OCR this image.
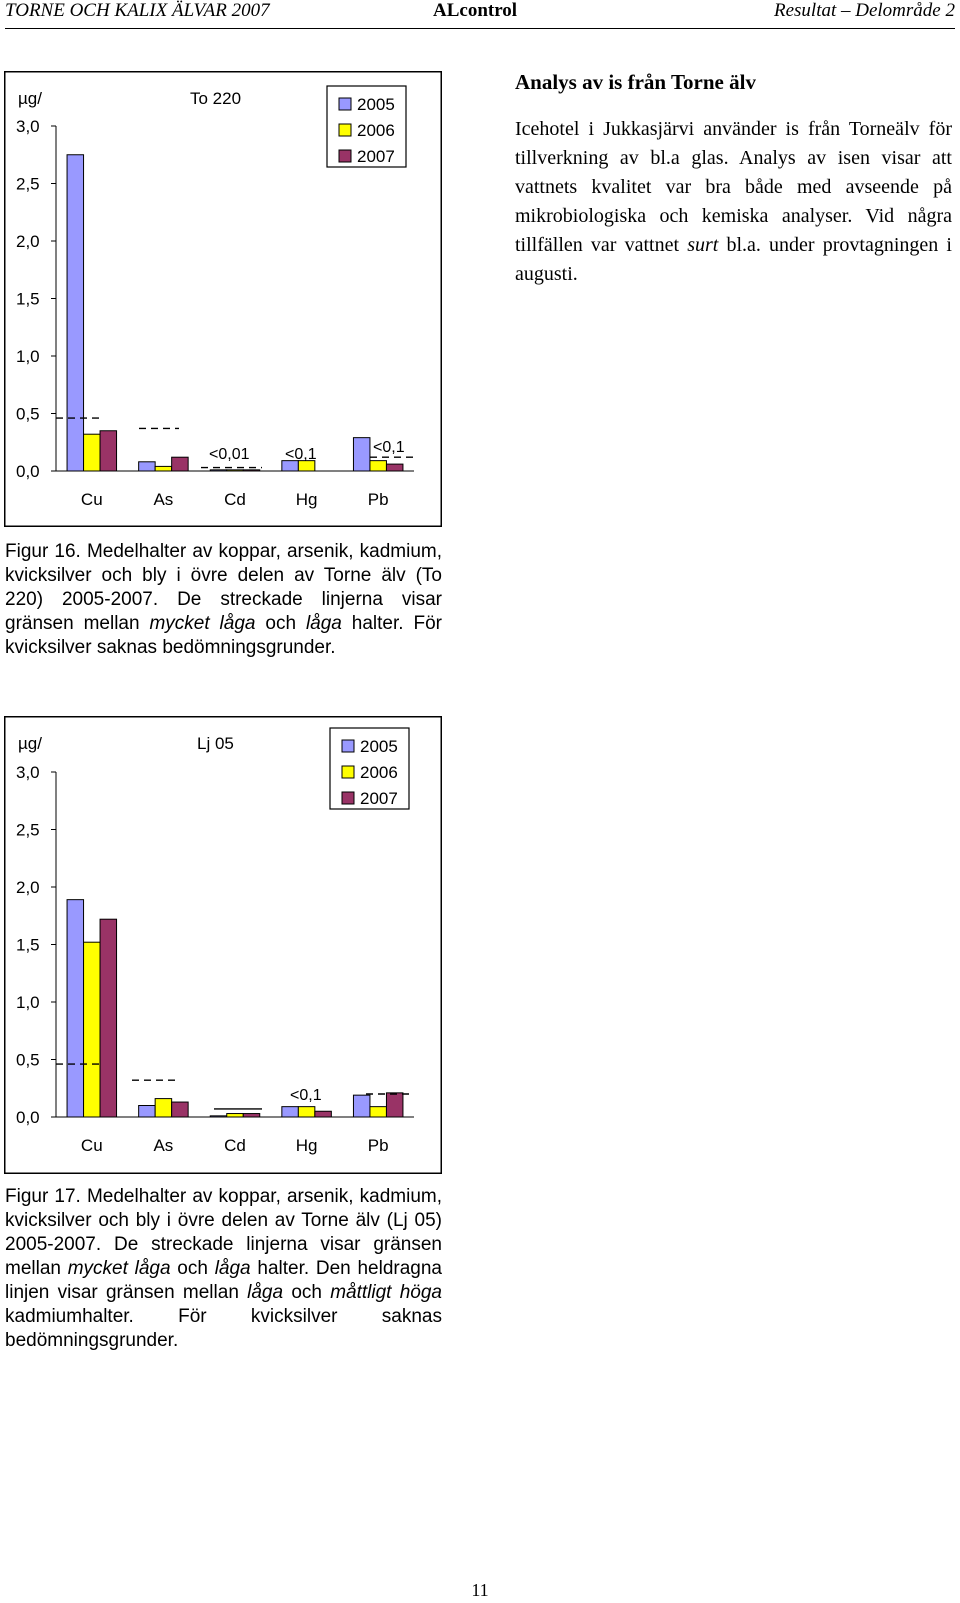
TORNE OCH KALIX ÄLVAR 2007	ALcontrol	Resultat – Delområde 2
Analys av is från Torne älv

Icehotel i Jukkasjärvi använder is från Torneälv för tillverkning av bl.a glas. Analys av isen visar att vattnets kvalitet var bra både med avseende på mikrobiologiska och kemiska analyser. Vid några tillfällen var vattnet surt bl.a. under provtagningen i augusti.

0,0
0,5
1,0
1,5
2,0
2,5
3,0
µg/	To 220	2005
2006
2007
Cu	As	Cd	Hg	Pb
<0,01 <0,1	<0,1
Figur 16. Medelhalter av koppar, arsenik, kadmium, kvicksilver och bly i övre delen av Torne älv (To 220) 2005-2007. De streckade linjerna visar gränsen mellan mycket låga och låga halter. För kvicksilver saknas bedömningsgrunder.
0,0
0,5
1,0
1,5
2,0
2,5
3,0
µg/	Lj 05	2005
2006
2007
Cu	As	Cd	Hg	Pb
<0,1
Figur 17. Medelhalter av koppar, arsenik, kadmium, kvicksilver och bly i övre delen av Torne älv (Lj 05) 2005-2007. De streckade linjerna visar gränsen mellan mycket låga och låga halter. Den heldragna linjen visar gränsen mellan låga och måttligt höga kadmiumhalter. För kvicksilver saknas bedömningsgrunder.
11
